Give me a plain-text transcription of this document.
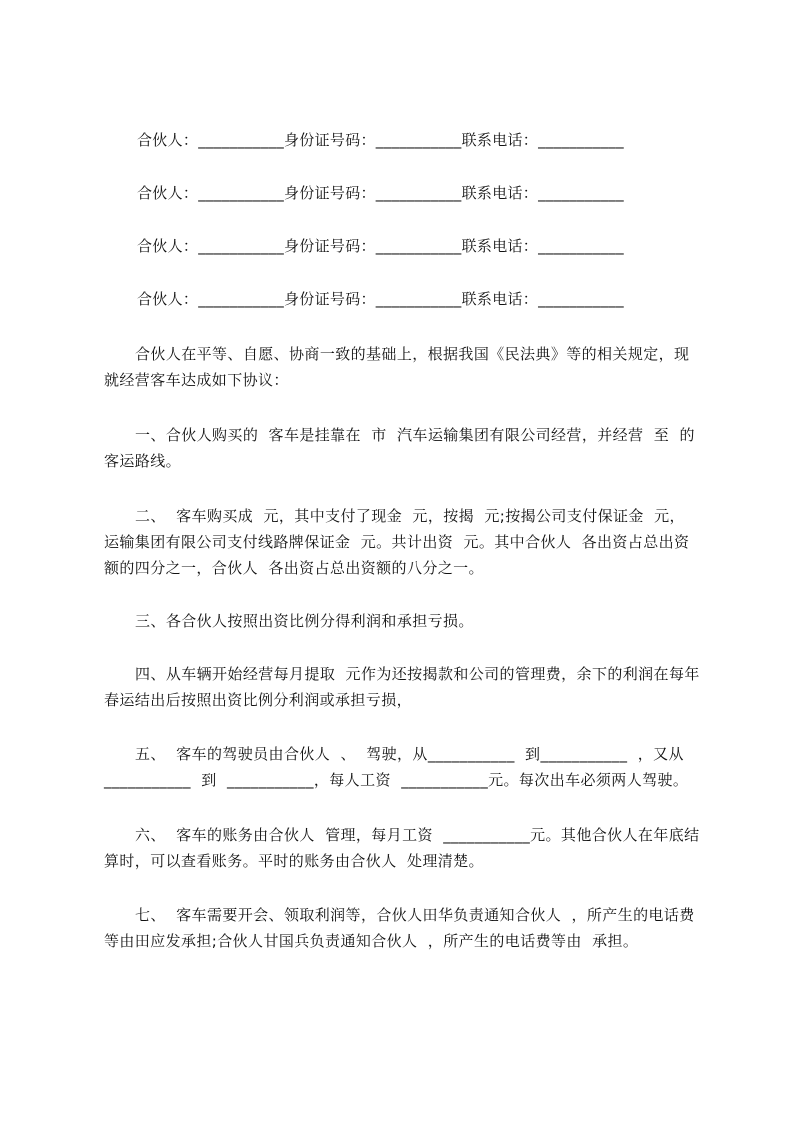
合伙人：___________身份证号码：___________联系电话：___________
合伙人：___________身份证号码：___________联系电话：___________
合伙人：___________身份证号码：___________联系电话：___________
合伙人：___________身份证号码：___________联系电话：___________
合伙人在平等、自愿、协商一致的基础上，根据我国《民法典》等的相关规定，现就经营客车达成如下协议：
一、合伙人购买的  客车是挂靠在  市  汽车运输集团有限公司经营，并经营  至  的客运路线。
二、  客车购买成  元，其中支付了现金  元，按揭  元;按揭公司支付保证金  元，  运输集团有限公司支付线路牌保证金  元。共计出资  元。其中合伙人  各出资占总出资额的四分之一，合伙人  各出资占总出资额的八分之一。
三、各合伙人按照出资比例分得利润和承担亏损。
四、从车辆开始经营每月提取  元作为还按揭款和公司的管理费，余下的利润在每年春运结出后按照出资比例分利润或承担亏损，
五、  客车的驾驶员由合伙人  、  驾驶，从___________  到___________  ，又从___________  到  ___________，每人工资  ___________元。每次出车必须两人驾驶。
六、  客车的账务由合伙人  管理，每月工资  ___________元。其他合伙人在年底结算时，可以查看账务。平时的账务由合伙人  处理清楚。
七、  客车需要开会、领取利润等，合伙人田华负责通知合伙人  ，所产生的电话费等由田应发承担;合伙人甘国兵负责通知合伙人  ，所产生的电话费等由  承担。
